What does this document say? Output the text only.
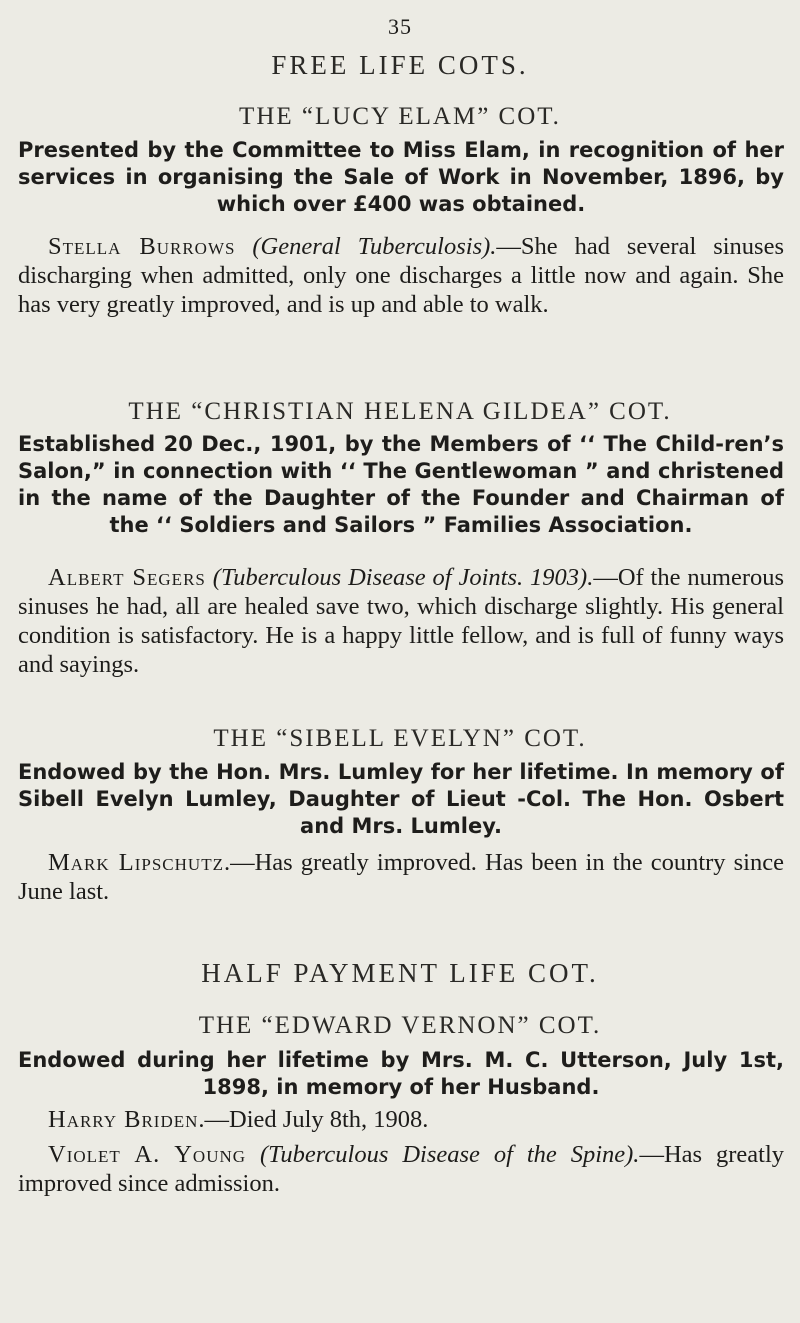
35
FREE LIFE COTS.
THE “LUCY ELAM” COT.
Presented by the Committee to Miss Elam, in recognition of her services in organising the Sale of Work in November, 1896, by which over £400 was obtained.
Stella Burrows (General Tuberculosis).—She had several sinuses discharging when admitted, only one discharges a little now and again. She has very greatly improved, and is up and able to walk.
THE “CHRISTIAN HELENA GILDEA” COT.
Established 20 Dec., 1901, by the Members of ‘‘ The Child-ren’s Salon,” in connection with ‘‘ The Gentlewoman ” and christened in the name of the Daughter of the Founder and Chairman of the ‘‘ Soldiers and Sailors ” Families Association.
Albert Segers (Tuberculous Disease of Joints. 1903).—Of the numerous sinuses he had, all are healed save two, which discharge slightly. His general condition is satisfactory. He is a happy little fellow, and is full of funny ways and sayings.
THE “SIBELL EVELYN” COT.
Endowed by the Hon. Mrs. Lumley for her lifetime. In memory of Sibell Evelyn Lumley, Daughter of Lieut -Col. The Hon. Osbert and Mrs. Lumley.
Mark Lipschutz.—Has greatly improved. Has been in the country since June last.
HALF PAYMENT LIFE COT.
THE “EDWARD VERNON” COT.
Endowed during her lifetime by Mrs. M. C. Utterson, July 1st, 1898, in memory of her Husband.
Harry Briden.—Died July 8th, 1908.
Violet A. Young (Tuberculous Disease of the Spine).—Has greatly improved since admission.
